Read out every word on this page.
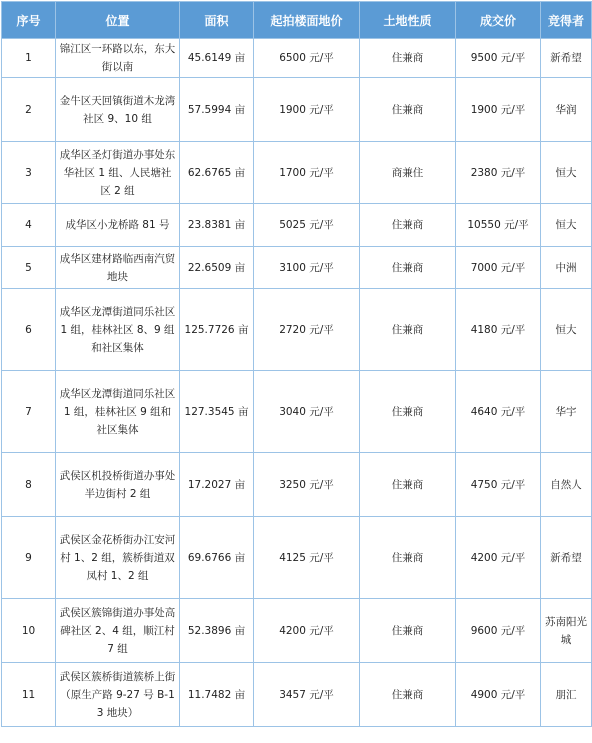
序号	位置	面积	起拍楼面地价	土地性质	成交价	竞得者
1	锦江区一环路以东，东大街以南	45.6149 亩	6500 元/平	住兼商	9500 元/平	新希望
2	金牛区天回镇街道木龙湾社区 9、10 组	57.5994 亩	1900 元/平	住兼商	1900 元/平	华润
3	成华区圣灯街道办事处东华社区 1 组、人民塘社区 2 组	62.6765 亩	1700 元/平	商兼住	2380 元/平	恒大
4	成华区小龙桥路 81 号	23.8381 亩	5025 元/平	住兼商	10550 元/平	恒大
5	成华区建材路临西南汽贸地块	22.6509 亩	3100 元/平	住兼商	7000 元/平	中洲
6	成华区龙潭街道同乐社区 1 组，桂林社区 8、9 组和社区集体	125.7726 亩	2720 元/平	住兼商	4180 元/平	恒大
7	成华区龙潭街道同乐社区 1 组，桂林社区 9 组和社区集体	127.3545 亩	3040 元/平	住兼商	4640 元/平	华宇
8	武侯区机投桥街道办事处半边街村 2 组	17.2027 亩	3250 元/平	住兼商	4750 元/平	自然人
9	武侯区金花桥街办江安河村 1、2 组，簇桥街道双凤村 1、2 组	69.6766 亩	4125 元/平	住兼商	4200 元/平	新希望
10	武侯区簇锦街道办事处高碑社区 2、4 组，顺江村 7 组	52.3896 亩	4200 元/平	住兼商	9600 元/平	苏南阳光城
11	武侯区簇桥街道簇桥上街（原生产路 9-27 号 B-13 地块）	11.7482 亩	3457 元/平	住兼商	4900 元/平	朋汇
